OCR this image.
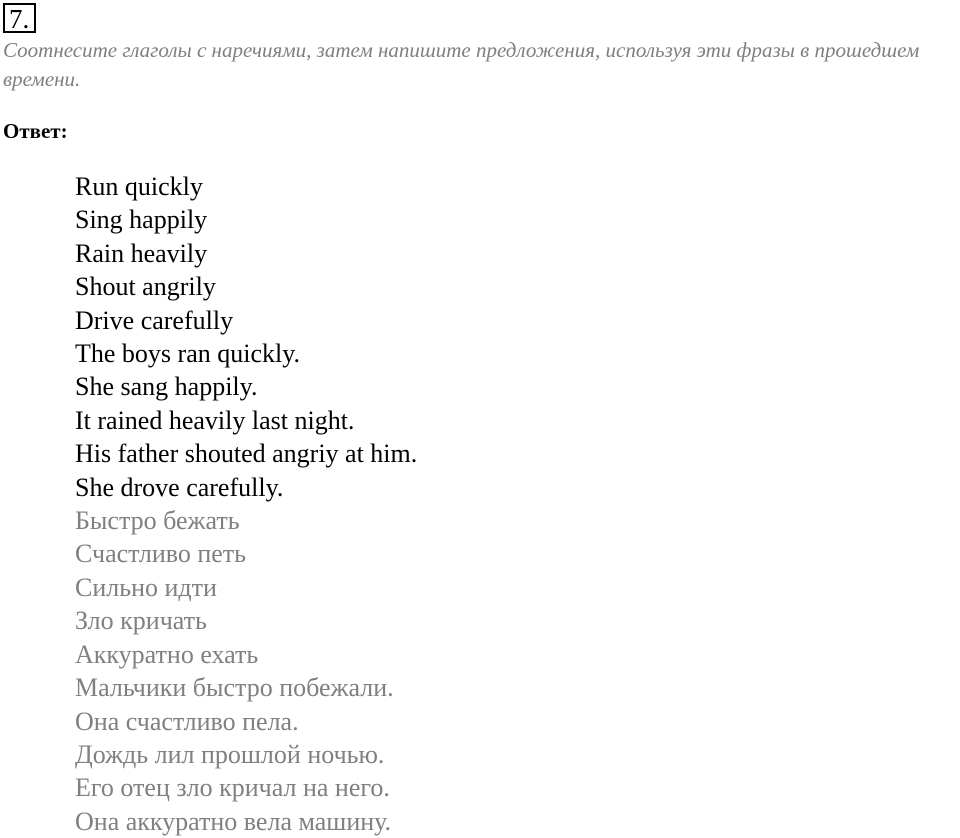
7.
Соотнесите глаголы с наречиями, затем напишите предложения, используя эти фразы в прошедшем времени.
Ответ:
Run quickly
Sing happily
Rain heavily
Shout angrily
Drive carefully
The boys ran quickly.
She sang happily.
It rained heavily last night.
His father shouted angriy at him.
She drove carefully.
Быстро бежать
Счастливо петь
Сильно идти
Зло кричать
Аккуратно ехать
Мальчики быстро побежали.
Она счастливо пела.
Дождь лил прошлой ночью.
Его отец зло кричал на него.
Она аккуратно вела машину.
